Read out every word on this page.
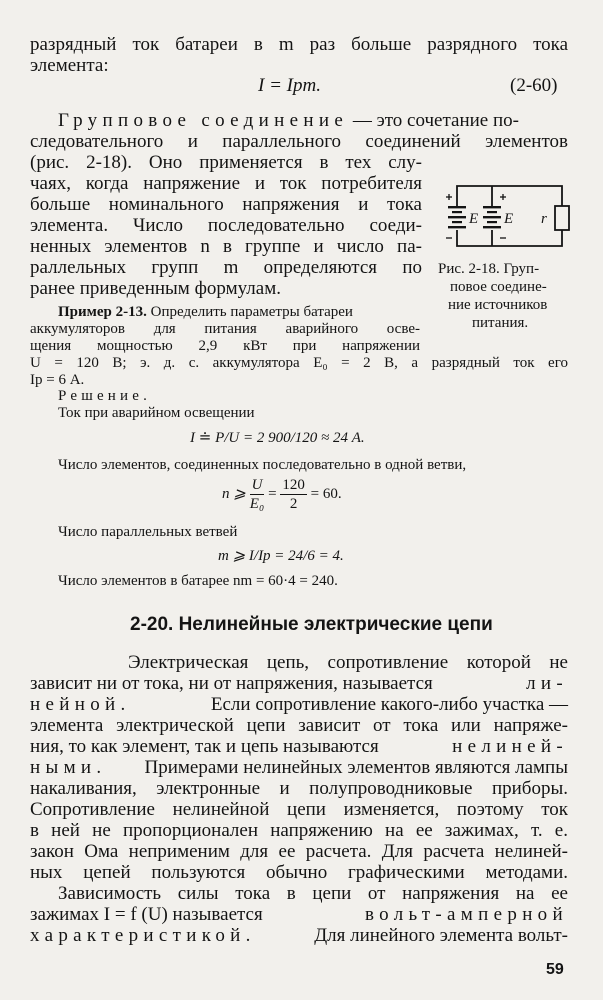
разрядный ток батареи в m раз больше разрядного тока
элемента:
I = Iрm.	(2-60)
Групповое соединение — это сочетание по-
следовательного и параллельного соединений элементов
(рис. 2-18). Оно применяется в тех слу-
чаях, когда напряжение и ток потребителя
больше номинального напряжения и тока
элемента. Число последовательно соеди-
ненных элементов n в группе и число па-
раллельных групп m определяются по
ранее приведенным формулам.
E E r
Рис. 2-18. Груп-
повое соедине-
ние источников
питания.
Пример 2-13. Определить параметры батареи
аккумуляторов для питания аварийного осве-
щения мощностью 2,9 кВт при напряжении
U = 120 В; э. д. с. аккумулятора E₀ = 2 В, а разрядный ток его
Iр = 6 А.
Решение.
Ток при аварийном освещении
I ≐ P/U = 2 900/120 ≈ 24 А.
Число элементов, соединенных последовательно в одной ветви,
n ⩾ $\frac{U}{\text{E₀}} = \frac{120}{2} = 60$.
Число параллельных ветвей
m ⩾ I/Iр = 24/6 = 4.
Число элементов в батарее nm = 60·4 = 240.
2-20. Нелинейные электрические цепи
Электрическая цепь, сопротивление которой не
зависит ни от тока, ни от напряжения, называется	ли-
нейной.	Если сопротивление какого-либо участка —
элемента электрической цепи зависит от тока или напряже-
ния, то как элемент, так и цепь называются	нелиней-
ными. Примерами нелинейных элементов являются лампы
накаливания, электронные и полупроводниковые приборы.
Сопротивление нелинейной цепи изменяется, поэтому ток
в ней не пропорционален напряжению на ее зажимах, т. е.
закон Ома неприменим для ее расчета. Для расчета нелиней-
ных цепей пользуются обычно графическими методами.
Зависимость силы тока в цепи от напряжения на ее
зажимах I = f (U) называется	вольт-амперной
характеристикой.	Для линейного элемента вольт-
59
